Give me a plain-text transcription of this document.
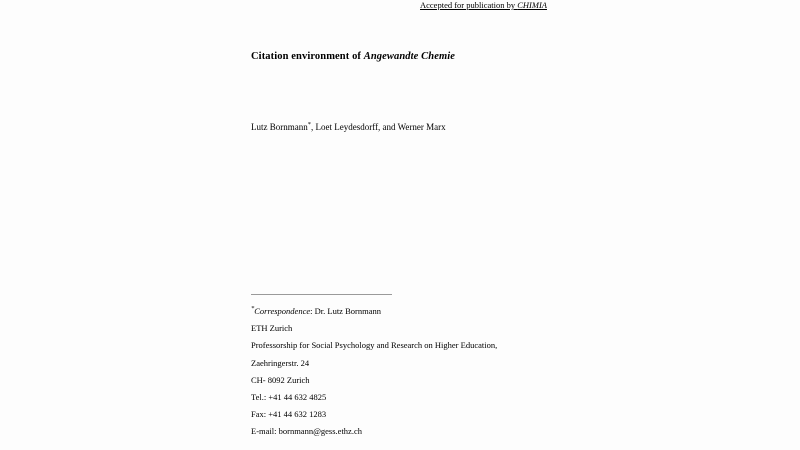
Accepted for publication by CHIMIA
Citation environment of Angewandte Chemie
Lutz Bornmann*, Loet Leydesdorff, and Werner Marx
*Correspondence: Dr. Lutz Bornmann
ETH Zurich
Professorship for Social Psychology and Research on Higher Education,
Zaehringerstr. 24
CH- 8092 Zurich
Tel.: +41 44 632 4825
Fax: +41 44 632 1283
E-mail: bornmann@gess.ethz.ch
